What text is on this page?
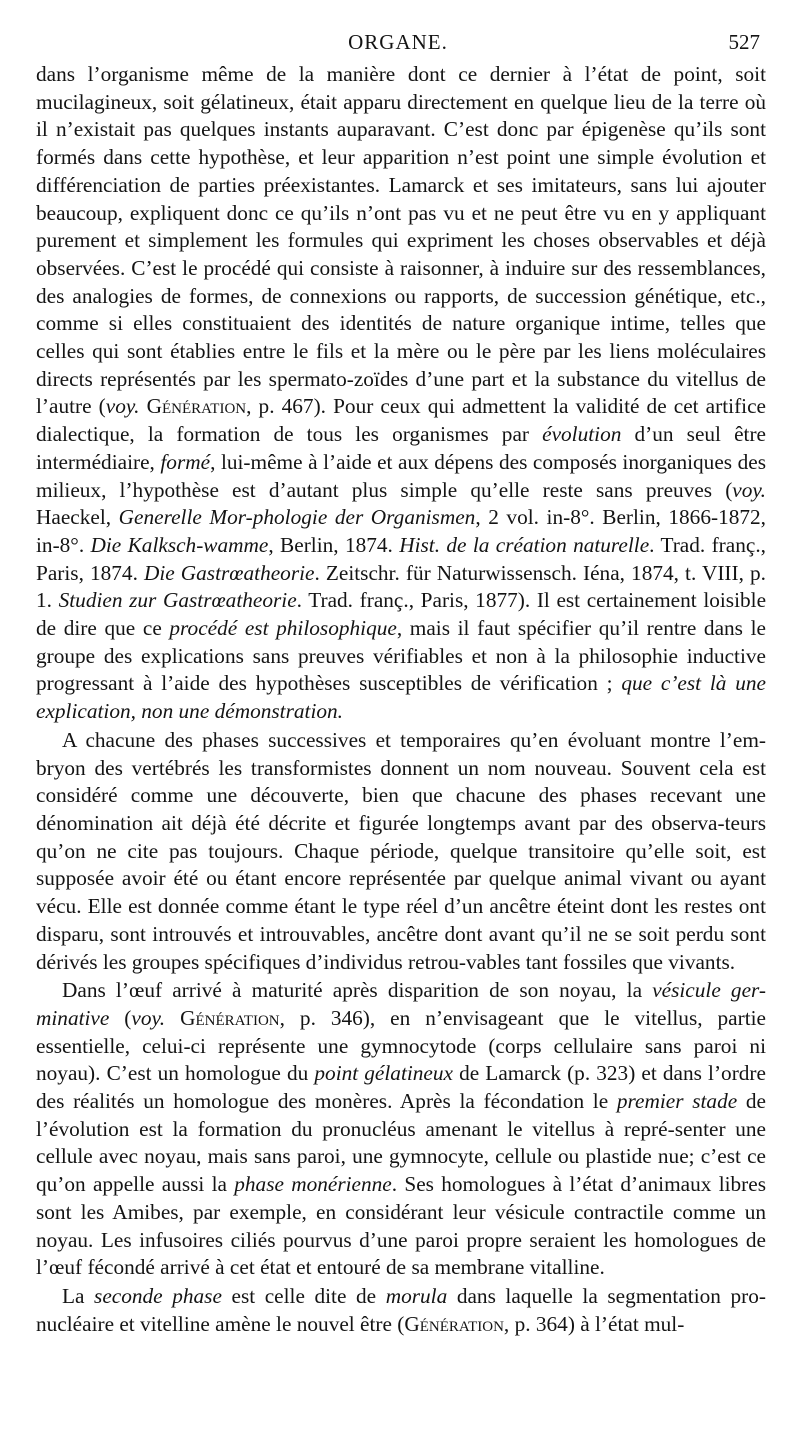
ORGANE.	527

dans l’organisme même de la manière dont ce dernier à l’état de point, soit mucilagineux, soit gélatineux, était apparu directement en quelque lieu de la terre où il n’existait pas quelques instants auparavant. C’est donc par épigenèse qu’ils sont formés dans cette hypothèse, et leur apparition n’est point une simple évolution et différenciation de parties préexistantes. Lamarck et ses imitateurs, sans lui ajouter beaucoup, expliquent donc ce qu’ils n’ont pas vu et ne peut être vu en y appliquant purement et simplement les formules qui expriment les choses observables et déjà observées. C’est le procédé qui consiste à raisonner, à induire sur des ressemblances, des analogies de formes, de connexions ou rapports, de succession génétique, etc., comme si elles constituaient des identités de nature organique intime, telles que celles qui sont établies entre le fils et la mère ou le père par les liens moléculaires directs représentés par les spermato-zoïdes d’une part et la substance du vitellus de l’autre (voy. Génération, p. 467). Pour ceux qui admettent la validité de cet artifice dialectique, la formation de tous les organismes par évolution d’un seul être intermédiaire, formé, lui-même à l’aide et aux dépens des composés inorganiques des milieux, l’hypothèse est d’autant plus simple qu’elle reste sans preuves (voy. Haeckel, Generelle Mor-phologie der Organismen, 2 vol. in-8°. Berlin, 1866-1872, in-8°. Die Kalksch-wamme, Berlin, 1874. Hist. de la création naturelle. Trad. franç., Paris, 1874. Die Gastrœatheorie. Zeitschr. für Naturwissensch. Iéna, 1874, t. VIII, p. 1. Studien zur Gastrœatheorie. Trad. franç., Paris, 1877). Il est certainement loisible de dire que ce procédé est philosophique, mais il faut spécifier qu’il rentre dans le groupe des explications sans preuves vérifiables et non à la philosophie inductive progressant à l’aide des hypothèses susceptibles de vérification ; que c’est là une explication, non une démonstration.

A chacune des phases successives et temporaires qu’en évoluant montre l’em-bryon des vertébrés les transformistes donnent un nom nouveau. Souvent cela est considéré comme une découverte, bien que chacune des phases recevant une dénomination ait déjà été décrite et figurée longtemps avant par des observa-teurs qu’on ne cite pas toujours. Chaque période, quelque transitoire qu’elle soit, est supposée avoir été ou étant encore représentée par quelque animal vivant ou ayant vécu. Elle est donnée comme étant le type réel d’un ancêtre éteint dont les restes ont disparu, sont introuvés et introuvables, ancêtre dont avant qu’il ne se soit perdu sont dérivés les groupes spécifiques d’individus retrou-vables tant fossiles que vivants.

Dans l’œuf arrivé à maturité après disparition de son noyau, la vésicule ger-minative (voy. Génération, p. 346), en n’envisageant que le vitellus, partie essentielle, celui-ci représente une gymnocytode (corps cellulaire sans paroi ni noyau). C’est un homologue du point gélatineux de Lamarck (p. 323) et dans l’ordre des réalités un homologue des monères. Après la fécondation le premier stade de l’évolution est la formation du pronucléus amenant le vitellus à repré-senter une cellule avec noyau, mais sans paroi, une gymnocyte, cellule ou plastide nue; c’est ce qu’on appelle aussi la phase monérienne. Ses homologues à l’état d’animaux libres sont les Amibes, par exemple, en considérant leur vésicule contractile comme un noyau. Les infusoires ciliés pourvus d’une paroi propre seraient les homologues de l’œuf fécondé arrivé à cet état et entouré de sa membrane vitalline.

La seconde phase est celle dite de morula dans laquelle la segmentation pro-nucléaire et vitelline amène le nouvel être (Génération, p. 364) à l’état mul-
